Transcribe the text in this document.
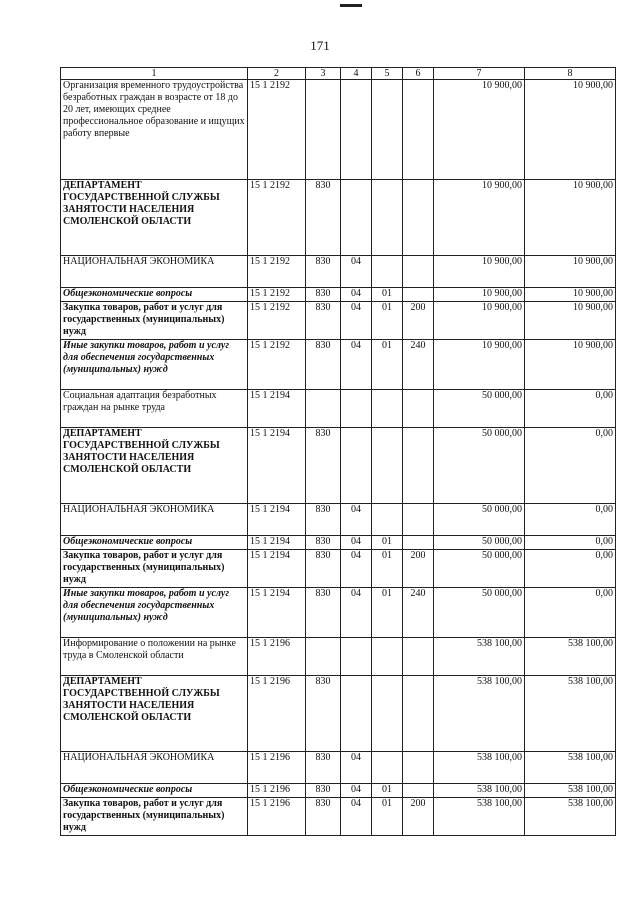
171
1	2	3	4	5	6	7	8
Организация временного трудоустройства безработных граждан в возрасте от 18 до 20 лет, имеющих среднее профессиональное образование и ищущих работу впервые	15 1 2192					10 900,00	10 900,00
ДЕПАРТАМЕНТ ГОСУДАРСТВЕННОЙ СЛУЖБЫ ЗАНЯТОСТИ НАСЕЛЕНИЯ СМОЛЕНСКОЙ ОБЛАСТИ	15 1 2192	830				10 900,00	10 900,00
НАЦИОНАЛЬНАЯ ЭКОНОМИКА	15 1 2192	830	04			10 900,00	10 900,00
Общеэкономические вопросы	15 1 2192	830	04	01		10 900,00	10 900,00
Закупка товаров, работ и услуг для государственных (муниципальных) нужд	15 1 2192	830	04	01	200	10 900,00	10 900,00
Иные закупки товаров, работ и услуг для обеспечения государственных (муниципальных) нужд	15 1 2192	830	04	01	240	10 900,00	10 900,00
Социальная адаптация безработных граждан на рынке труда	15 1 2194					50 000,00	0,00
ДЕПАРТАМЕНТ ГОСУДАРСТВЕННОЙ СЛУЖБЫ ЗАНЯТОСТИ НАСЕЛЕНИЯ СМОЛЕНСКОЙ ОБЛАСТИ	15 1 2194	830				50 000,00	0,00
НАЦИОНАЛЬНАЯ ЭКОНОМИКА	15 1 2194	830	04			50 000,00	0,00
Общеэкономические вопросы	15 1 2194	830	04	01		50 000,00	0,00
Закупка товаров, работ и услуг для государственных (муниципальных) нужд	15 1 2194	830	04	01	200	50 000,00	0,00
Иные закупки товаров, работ и услуг для обеспечения государственных (муниципальных) нужд	15 1 2194	830	04	01	240	50 000,00	0,00
Информирование о положении на рынке труда в Смоленской области	15 1 2196					538 100,00	538 100,00
ДЕПАРТАМЕНТ ГОСУДАРСТВЕННОЙ СЛУЖБЫ ЗАНЯТОСТИ НАСЕЛЕНИЯ СМОЛЕНСКОЙ ОБЛАСТИ	15 1 2196	830				538 100,00	538 100,00
НАЦИОНАЛЬНАЯ ЭКОНОМИКА	15 1 2196	830	04			538 100,00	538 100,00
Общеэкономические вопросы	15 1 2196	830	04	01		538 100,00	538 100,00
Закупка товаров, работ и услуг для государственных (муниципальных) нужд	15 1 2196	830	04	01	200	538 100,00	538 100,00
